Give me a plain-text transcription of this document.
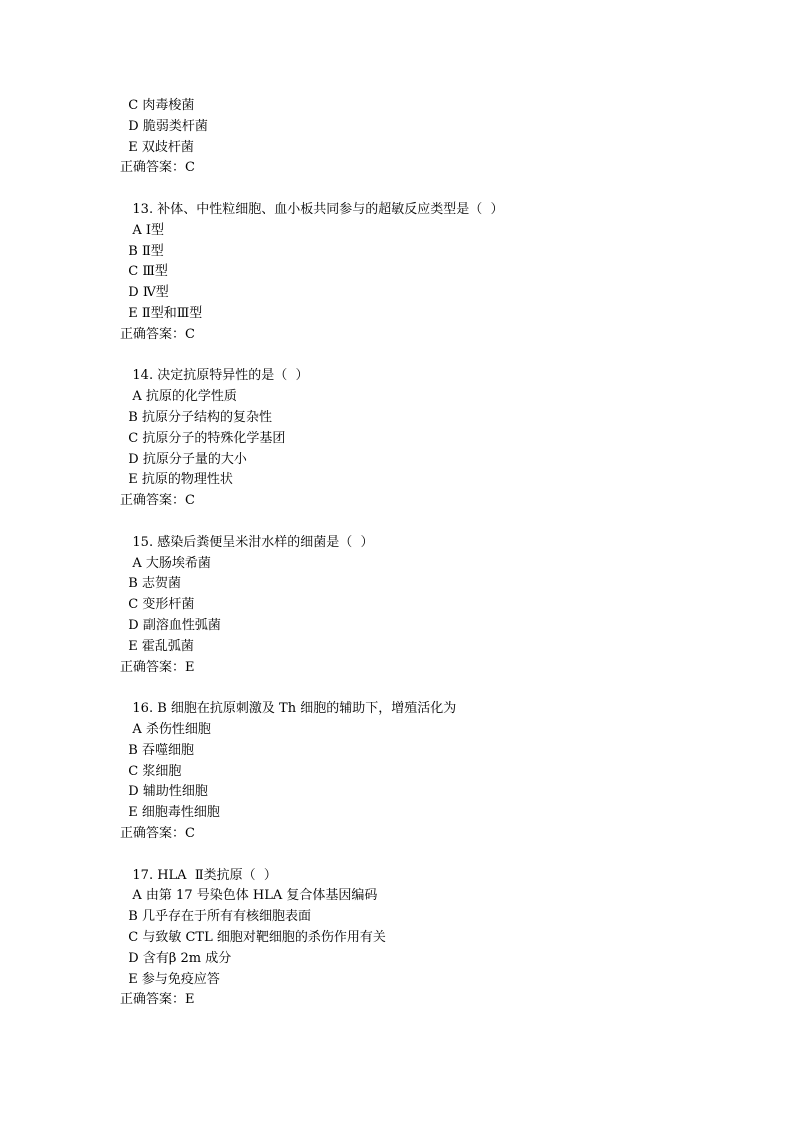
C 肉毒梭菌
D 脆弱类杆菌
E 双歧杆菌
正确答案：C
13. 补体、中性粒细胞、血小板共同参与的超敏反应类型是（  ）
A Ⅰ型
B Ⅱ型
C Ⅲ型
D Ⅳ型
E Ⅱ型和Ⅲ型
正确答案：C
14. 决定抗原特异性的是（  ）
A 抗原的化学性质
B 抗原分子结构的复杂性
C 抗原分子的特殊化学基团
D 抗原分子量的大小
E 抗原的物理性状
正确答案：C
15. 感染后粪便呈米泔水样的细菌是（  ）
A 大肠埃希菌
B 志贺菌
C 变形杆菌
D 副溶血性弧菌
E 霍乱弧菌
正确答案：E
16. B 细胞在抗原刺激及 Th 细胞的辅助下，增殖活化为
A 杀伤性细胞
B 吞噬细胞
C 浆细胞
D 辅助性细胞
E 细胞毒性细胞
正确答案：C
17. HLA  Ⅱ类抗原（  ）
A 由第 17 号染色体 HLA 复合体基因编码
B 几乎存在于所有有核细胞表面
C 与致敏 CTL 细胞对靶细胞的杀伤作用有关
D 含有β 2m 成分
E 参与免疫应答
正确答案：E
